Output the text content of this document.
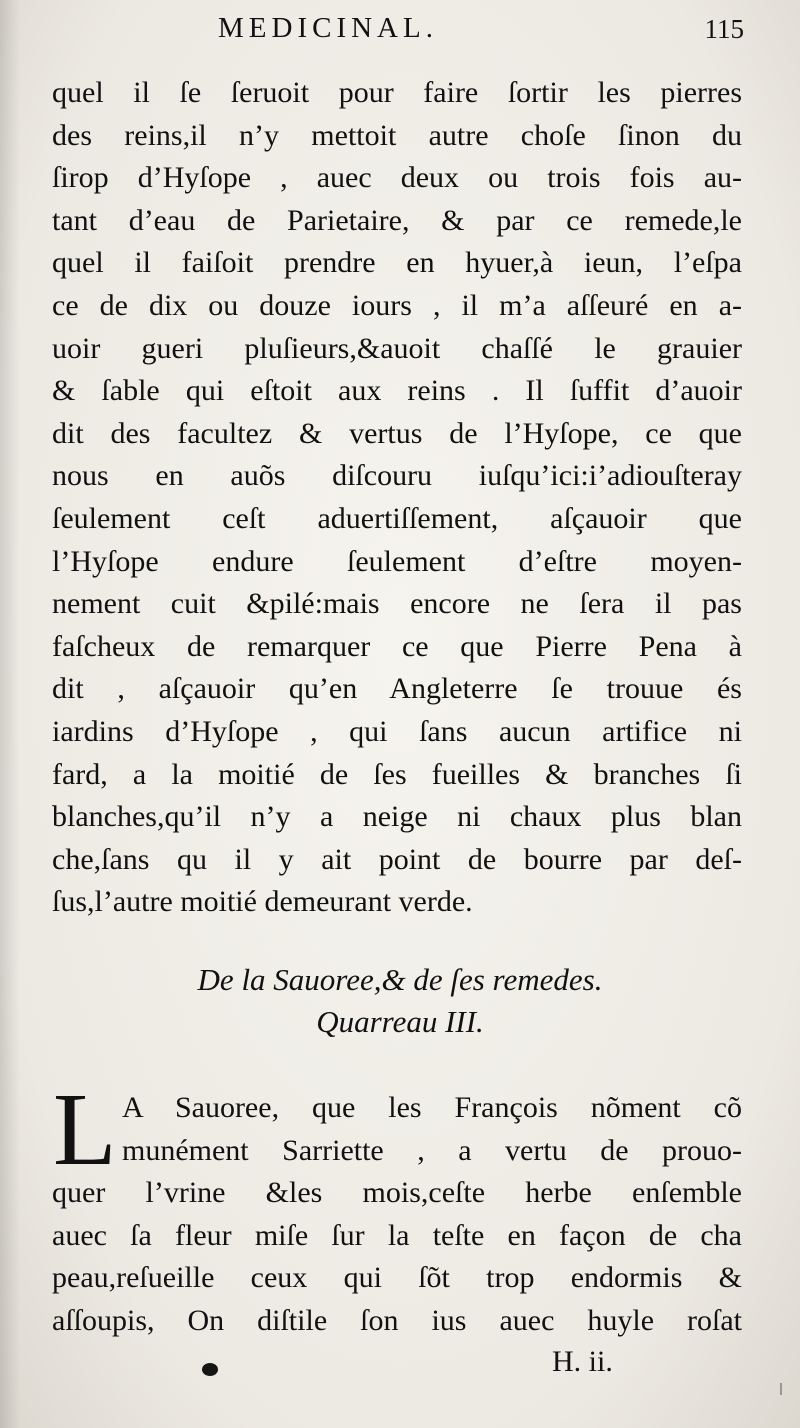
MEDICINAL.	115
quel il ſe ſeruoit pour faire ſortir les pierres
des reins,il n’y mettoit autre choſe ſinon du
ſirop d’Hyſope , auec deux ou trois fois au-
tant d’eau de Parietaire, & par ce remede,le
quel il faiſoit prendre en hyuer,à ieun, l’eſpa
ce de dix ou douze iours , il m’a aſſeuré en a-
uoir gueri pluſieurs,&auoit chaſſé le grauier
& ſable qui eſtoit aux reins . Il ſuffit d’auoir
dit des facultez & vertus de l’Hyſope, ce que
nous en auõs diſcouru iuſqu’ici:i’adiouſteray
ſeulement ceſt aduertiſſement, aſçauoir que
l’Hyſope endure ſeulement d’eſtre moyen-
nement cuit &pilé:mais encore ne ſera il pas
faſcheux de remarquer ce que Pierre Pena à
dit , aſçauoir qu’en Angleterre ſe trouue és
iardins d’Hyſope , qui ſans aucun artifice ni
fard, a la moitié de ſes fueilles & branches ſi
blanches,qu’il n’y a neige ni chaux plus blan
che,ſans qu il y ait point de bourre par deſ-
ſus,l’autre moitié demeurant verde.
De la Sauoree,& de ſes remedes.
Quarreau III.
L A Sauoree, que les François nõment cõ
munément Sarriette , a vertu de prouo-
quer l’vrine &les mois,ceſte herbe enſemble
auec ſa fleur miſe ſur la teſte en façon de cha
peau,reſueille ceux qui ſõt trop endormis &
aſſoupis, On diſtile ſon ius auec huyle roſat
H. ii.
